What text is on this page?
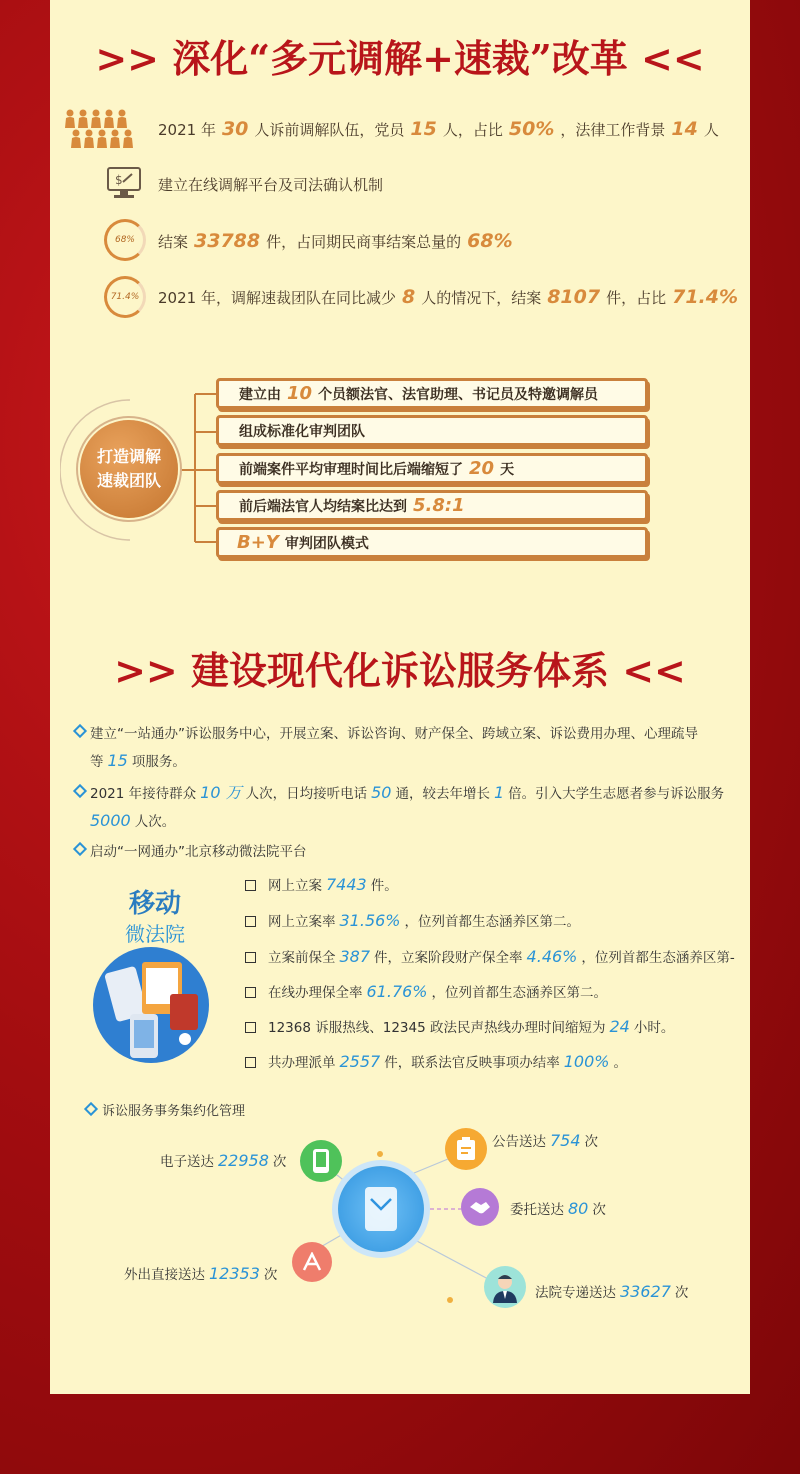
>> 深化“多元调解+速裁”改革 <<
2021 年 30 人诉前调解队伍，党员 15 人，占比 50% ，法律工作背景 14 人
$ 建立在线调解平台及司法确认机制
68%	结案 33788 件，占同期民商事结案总量的 68%
71.4%	2021 年，调解速裁团队在同比减少 8 人的情况下，结案 8107 件，占比 71.4%
打造调解
速裁团队
建立由 10 个员额法官、法官助理、书记员及特邀调解员
组成标准化审判团队
前端案件平均审理时间比后端缩短了 20 天
前后端法官人均结案比达到 5.8:1
B+Y 审判团队模式
>> 建设现代化诉讼服务体系 <<
建立“一站通办”诉讼服务中心，开展立案、诉讼咨询、财产保全、跨域立案、诉讼费用办理、心理疏导
等 15 项服务。
2021 年接待群众 10 万 人次，日均接听电话 50 通，较去年增长 1 倍。引入大学生志愿者参与诉讼服务
5000 人次。
启动“一网通办”北京移动微法院平台
移动
微法院
网上立案 7443 件。
网上立案率 31.56% ，位列首都生态涵养区第二。
立案前保全 387 件，立案阶段财产保全率 4.46% ，位列首都生态涵养区第-
在线办理保全率 61.76% ，位列首都生态涵养区第二。
12368 诉服热线、12345 政法民声热线办理时间缩短为 24 小时。
共办理派单 2557 件，联系法官反映事项办结率 100% 。
诉讼服务事务集约化管理
电子送达 22958 次
公告送达 754 次
委托送达 80 次
外出直接送达 12353 次
法院专递送达 33627 次
